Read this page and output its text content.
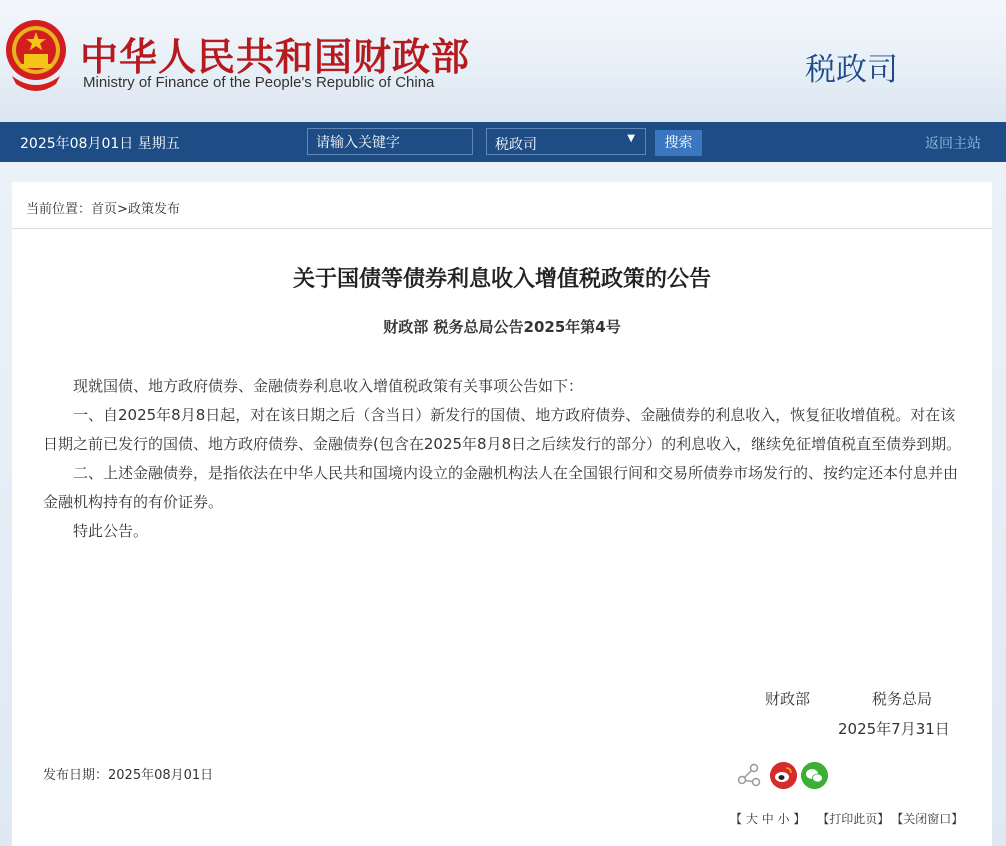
中华人民共和国财政部
Ministry of Finance of the People's Republic of China	税政司
2025年08月01日 星期五
请输入关键字	税政司	▼	搜索	返回主站
当前位置：首页>政策发布
关于国债等债券利息收入增值税政策的公告
财政部 税务总局公告2025年第4号

现就国债、地方政府债券、金融债券利息收入增值税政策有关事项公告如下：

一、自2025年8月8日起，对在该日期之后（含当日）新发行的国债、地方政府债券、金融债券的利息收入，恢复征收增值税。对在该日期之前已发行的国债、地方政府债券、金融债券(包含在2025年8月8日之后续发行的部分）的利息收入，继续免征增值税直至债券到期。

二、上述金融债券，是指依法在中华人民共和国境内设立的金融机构法人在全国银行间和交易所债券市场发行的、按约定还本付息并由金融机构持有的有价证券。

特此公告。

财政部	税务总局
2025年7月31日
发布日期：2025年08月01日
【 大 中 小 】 【打印此页】 【关闭窗口】
